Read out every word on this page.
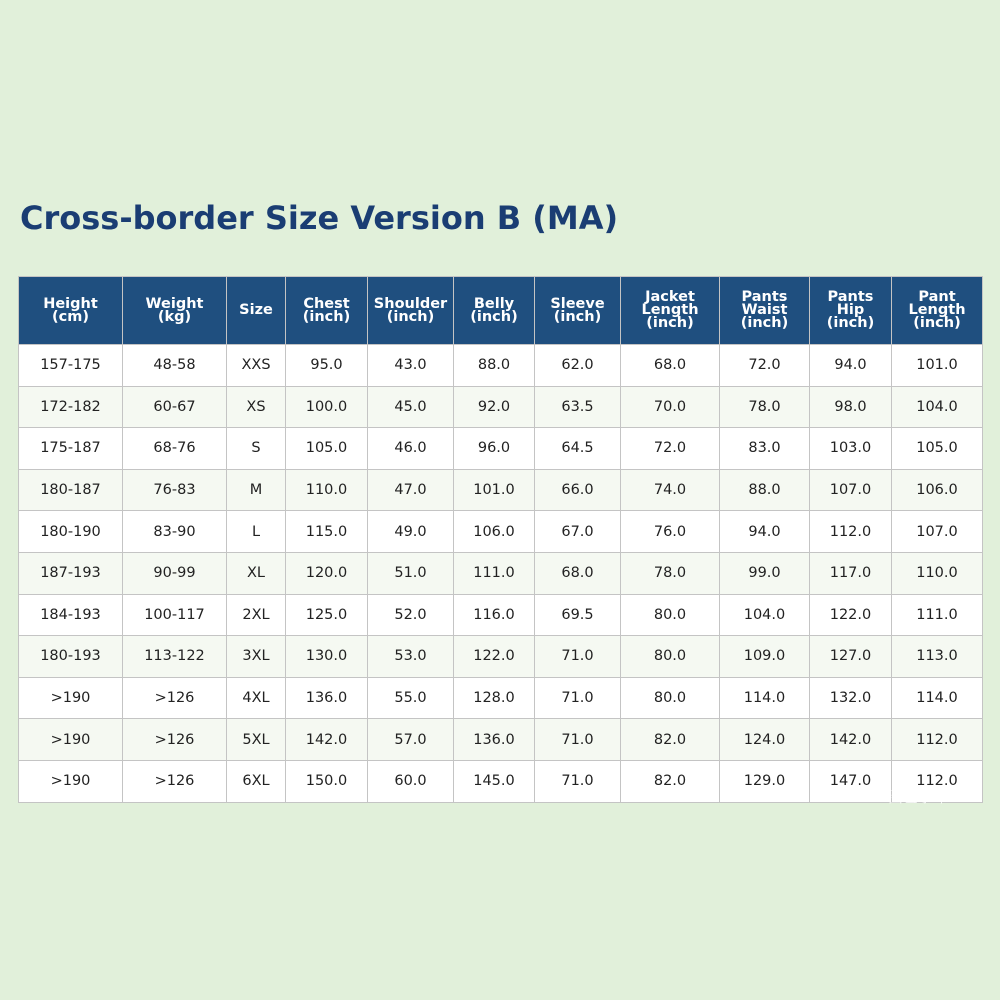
Cross-border Size Version B (MA)
Height
(cm)	Weight
(kg)	Size	Chest
(inch)	Shoulder
(inch)	Belly
(inch)	Sleeve
(inch)	Jacket
Length
(inch)	Pants
Waist
(inch)	Pants
Hip
(inch)	Pant
Length
(inch)

157-175	48-58	XXS	95.0	43.0	88.0	62.0	68.0	72.0	94.0	101.0
172-182	60-67	XS	100.0	45.0	92.0	63.5	70.0	78.0	98.0	104.0
175-187	68-76	S	105.0	46.0	96.0	64.5	72.0	83.0	103.0	105.0
180-187	76-83	M	110.0	47.0	101.0	66.0	74.0	88.0	107.0	106.0
180-190	83-90	L	115.0	49.0	106.0	67.0	76.0	94.0	112.0	107.0
187-193	90-99	XL	120.0	51.0	111.0	68.0	78.0	99.0	117.0	110.0
184-193	100-117	2XL	125.0	52.0	116.0	69.5	80.0	104.0	122.0	111.0
180-193	113-122	3XL	130.0	53.0	122.0	71.0	80.0	109.0	127.0	113.0
>190	>126	4XL	136.0	55.0	128.0	71.0	80.0	114.0	132.0	114.0
>190	>126	5XL	142.0	57.0	136.0	71.0	82.0	124.0	142.0	112.0
>190	>126	6XL	150.0	60.0	145.0	71.0	82.0	129.0	147.0	112.0
图已水印
